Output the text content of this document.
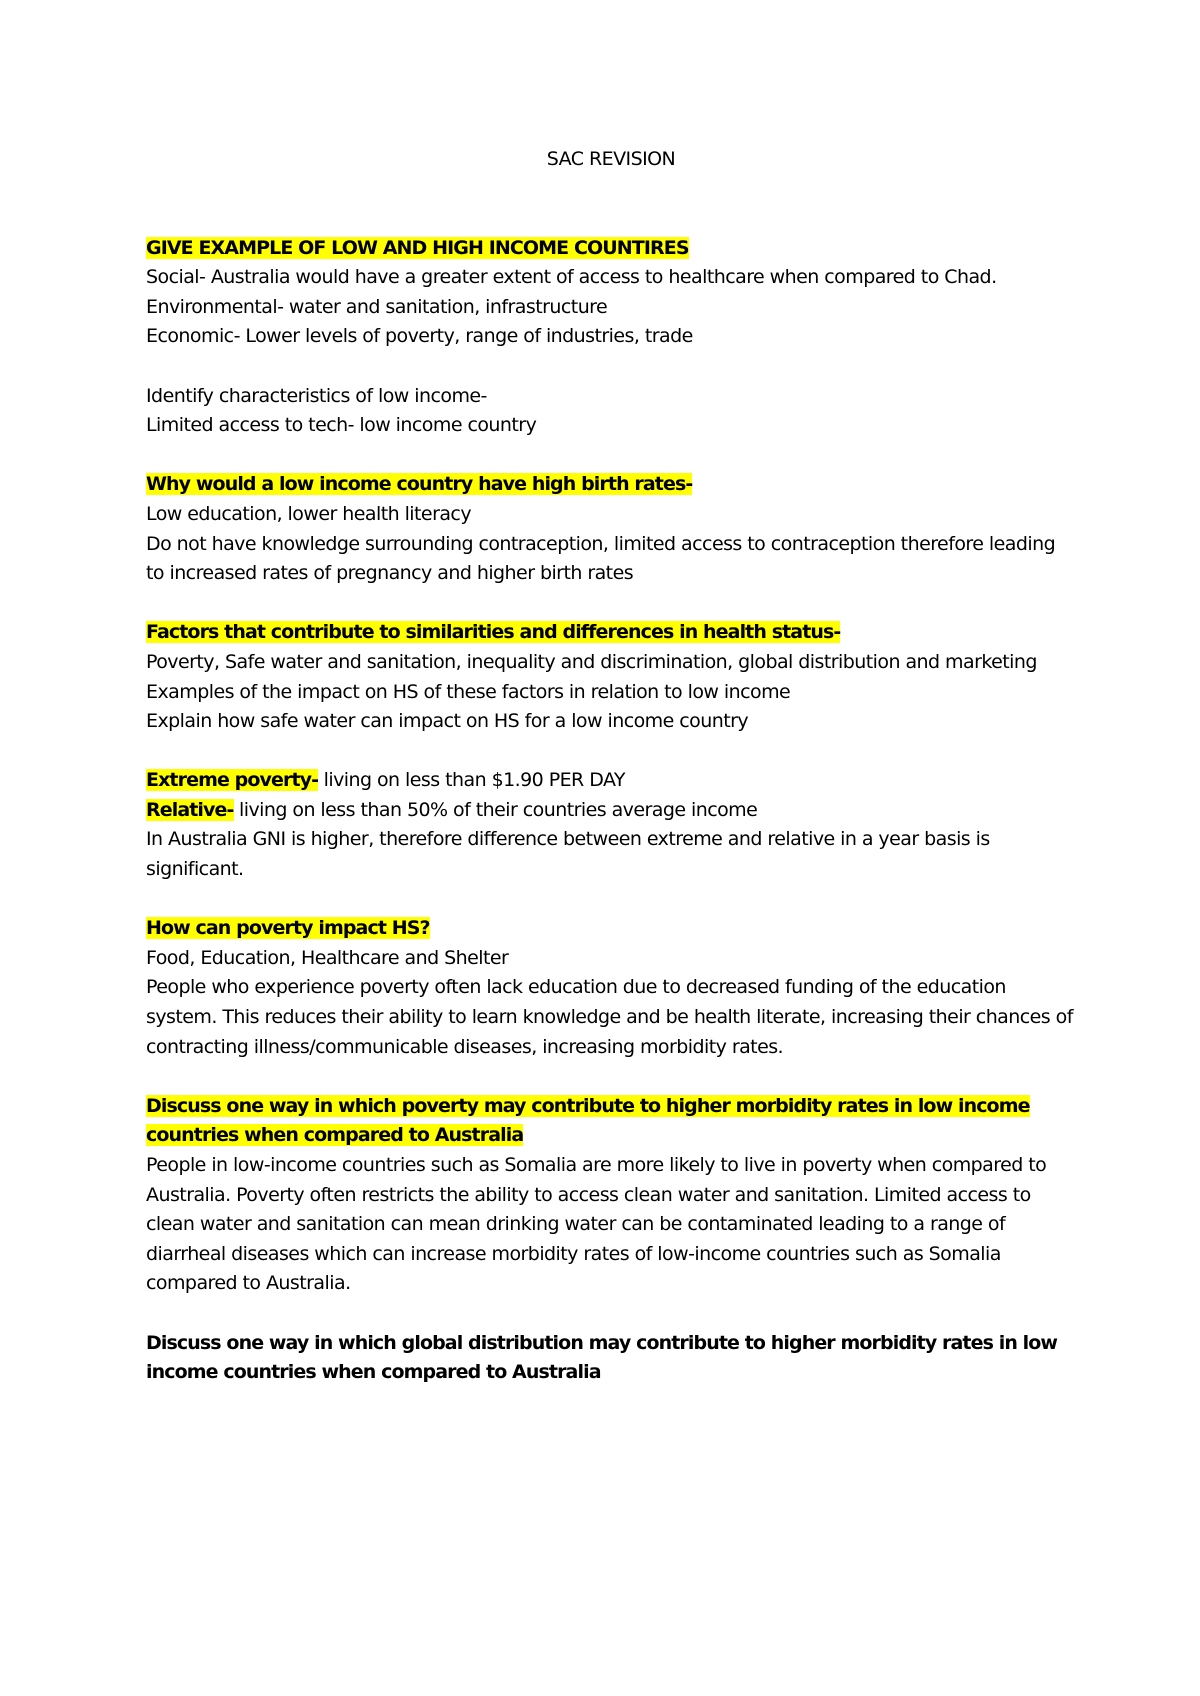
SAC REVISION
GIVE EXAMPLE OF LOW AND HIGH INCOME COUNTIRES
Social- Australia would have a greater extent of access to healthcare when compared to Chad.
Environmental- water and sanitation, infrastructure
Economic- Lower levels of poverty, range of industries, trade
Identify characteristics of low income-
Limited access to tech- low income country
Why would a low income country have high birth rates-
Low education, lower health literacy
Do not have knowledge surrounding contraception, limited access to contraception therefore leading to increased rates of pregnancy and higher birth rates
Factors that contribute to similarities and differences in health status-
Poverty, Safe water and sanitation, inequality and discrimination, global distribution and marketing
Examples of the impact on HS of these factors in relation to low income
Explain how safe water can impact on HS for a low income country
Extreme poverty- living on less than $1.90 PER DAY
Relative- living on less than 50% of their countries average income
In Australia GNI is higher, therefore difference between extreme and relative in a year basis is significant.
How can poverty impact HS?
Food, Education, Healthcare and Shelter
People who experience poverty often lack education due to decreased funding of the education system. This reduces their ability to learn knowledge and be health literate, increasing their chances of contracting illness/communicable diseases, increasing morbidity rates.
Discuss one way in which poverty may contribute to higher morbidity rates in low income countries when compared to Australia
People in low-income countries such as Somalia are more likely to live in poverty when compared to Australia. Poverty often restricts the ability to access clean water and sanitation. Limited access to clean water and sanitation can mean drinking water can be contaminated leading to a range of diarrheal diseases which can increase morbidity rates of low-income countries such as Somalia compared to Australia.
Discuss one way in which global distribution may contribute to higher morbidity rates in low income countries when compared to Australia
